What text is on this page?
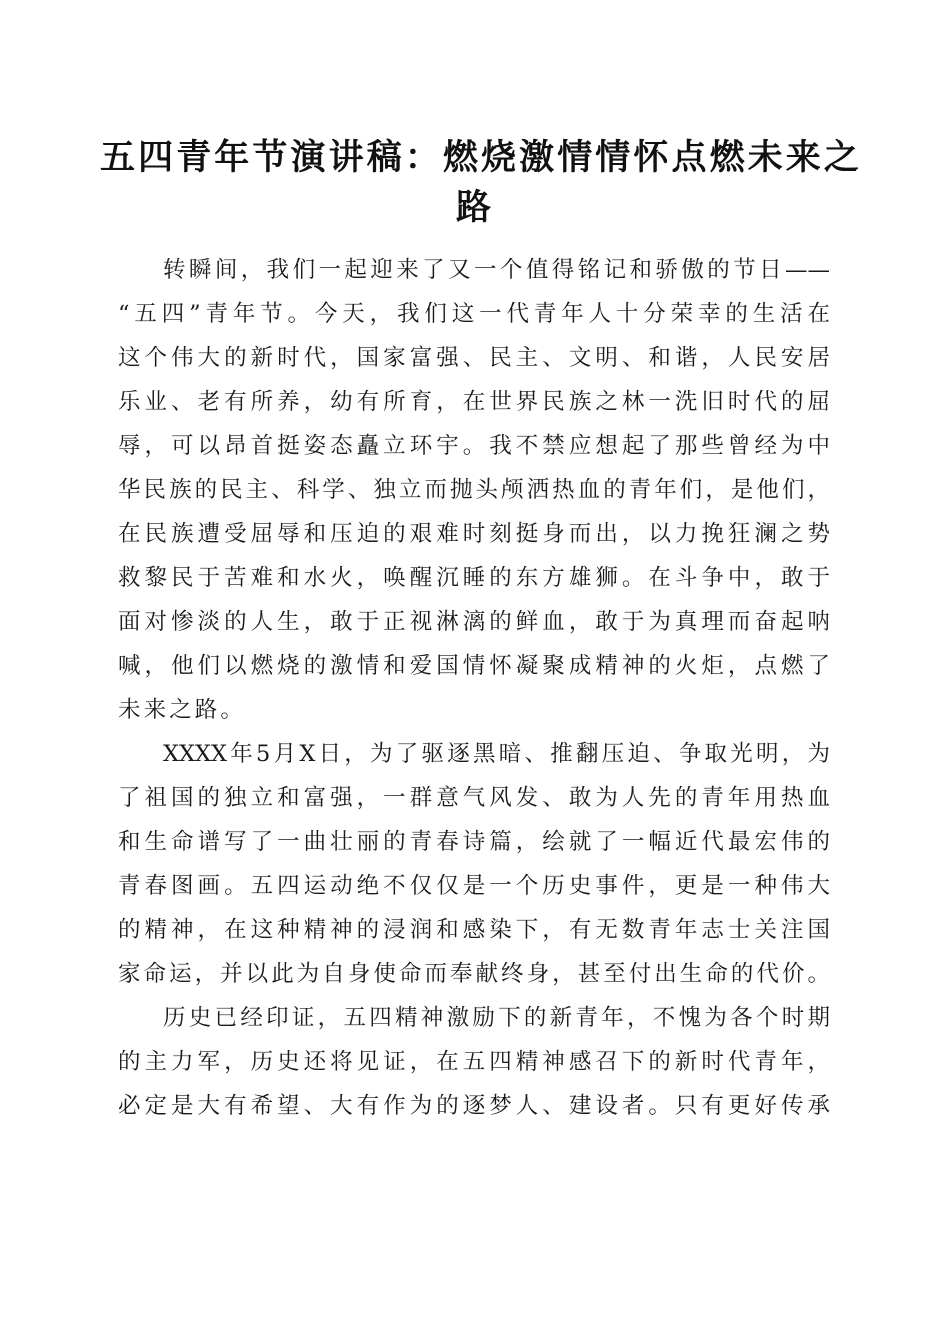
五四青年节演讲稿：燃烧激情情怀点燃未来之
路
转瞬间，我们一起迎来了又一个值得铭记和骄傲的节日——
“五四”青年节。今天，我们这一代青年人十分荣幸的生活在
这个伟大的新时代，国家富强、民主、文明、和谐，人民安居
乐业、老有所养，幼有所育，在世界民族之林一洗旧时代的屈
辱，可以昂首挺姿态矗立环宇。我不禁应想起了那些曾经为中
华民族的民主、科学、独立而抛头颅洒热血的青年们，是他们，
在民族遭受屈辱和压迫的艰难时刻挺身而出，以力挽狂澜之势
救黎民于苦难和水火，唤醒沉睡的东方雄狮。在斗争中，敢于
面对惨淡的人生，敢于正视淋漓的鲜血，敢于为真理而奋起呐
喊，他们以燃烧的激情和爱国情怀凝聚成精神的火炬，点燃了
未来之路。
XXXX年5月X日，为了驱逐黑暗、推翻压迫、争取光明，为
了祖国的独立和富强，一群意气风发、敢为人先的青年用热血
和生命谱写了一曲壮丽的青春诗篇，绘就了一幅近代最宏伟的
青春图画。五四运动绝不仅仅是一个历史事件，更是一种伟大
的精神，在这种精神的浸润和感染下，有无数青年志士关注国
家命运，并以此为自身使命而奉献终身，甚至付出生命的代价。
历史已经印证，五四精神激励下的新青年，不愧为各个时期
的主力军，历史还将见证，在五四精神感召下的新时代青年，
必定是大有希望、大有作为的逐梦人、建设者。只有更好传承
